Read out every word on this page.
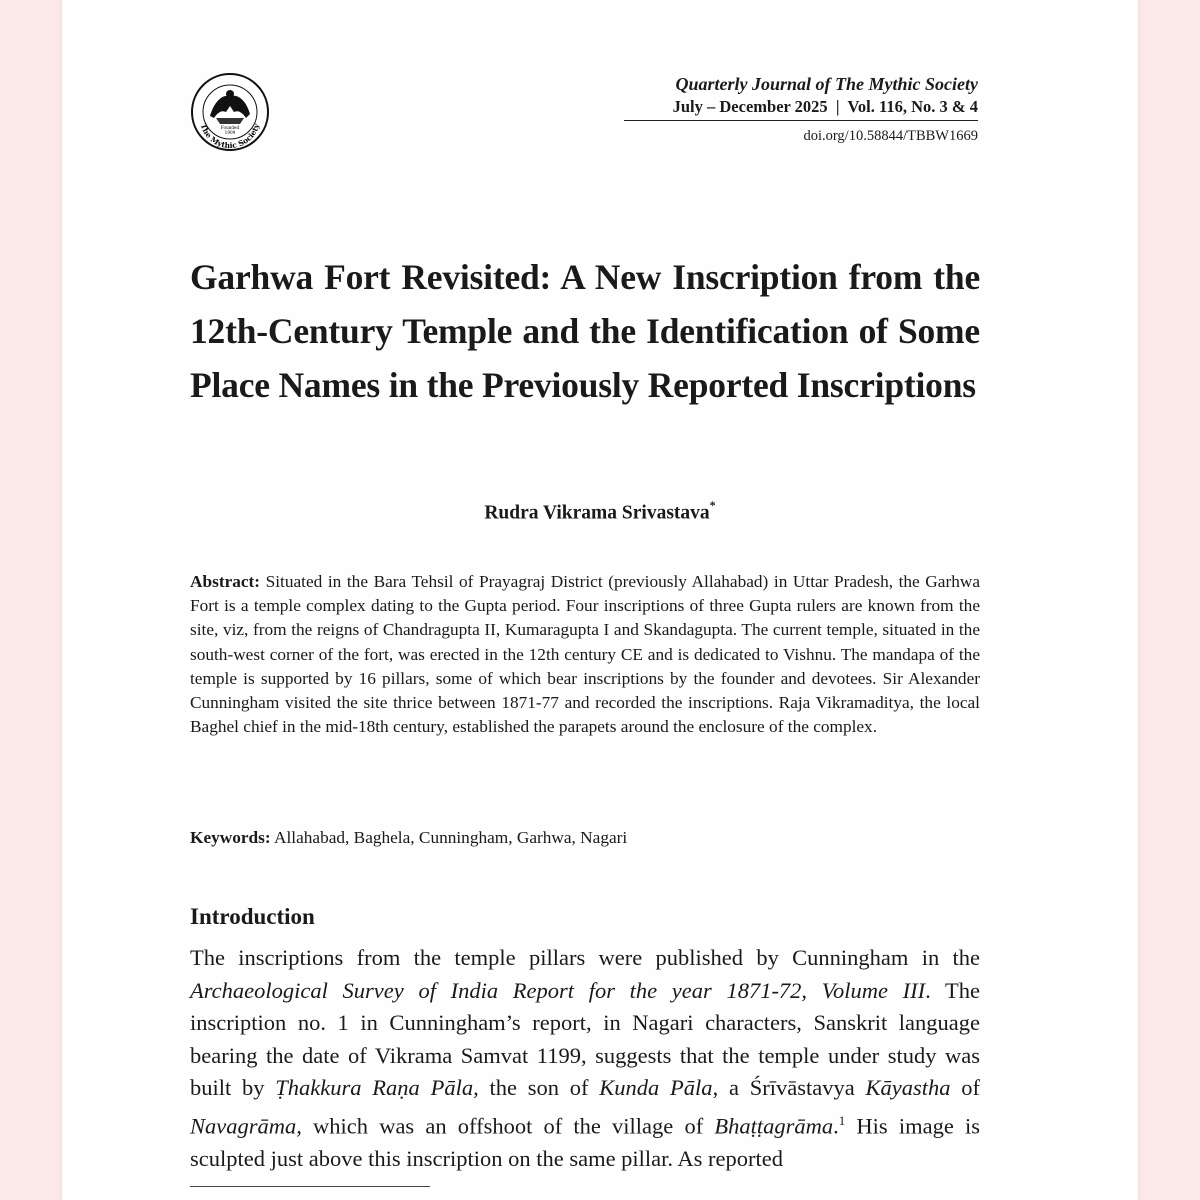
Founded
1909
The Mythic Society
Quarterly Journal of The Mythic Society
July – December 2025  |  Vol. 116, No. 3 & 4
doi.org/10.58844/TBBW1669
Garhwa Fort Revisited: A New Inscription from the 12th-Century Temple and the Identification of Some Place Names in the Previously Reported Inscriptions
Rudra Vikrama Srivastava*
Abstract: Situated in the Bara Tehsil of Prayagraj District (previously Allahabad) in Uttar Pradesh, the Garhwa Fort is a temple complex dating to the Gupta period. Four inscriptions of three Gupta rulers are known from the site, viz, from the reigns of Chandragupta II, Kumaragupta I and Skandagupta. The current temple, situated in the south-west corner of the fort, was erected in the 12th century CE and is dedicated to Vishnu. The mandapa of the temple is supported by 16 pillars, some of which bear inscriptions by the founder and devotees. Sir Alexander Cunningham visited the site thrice between 1871-77 and recorded the inscriptions. Raja Vikramaditya, the local Baghel chief in the mid-18th century, established the parapets around the enclosure of the complex.
Keywords: Allahabad, Baghela, Cunningham, Garhwa, Nagari
Introduction
The inscriptions from the temple pillars were published by Cunningham in the Archaeological Survey of India Report for the year 1871-72, Volume III. The inscription no. 1 in Cunningham’s report, in Nagari characters, Sanskrit language bearing the date of Vikrama Samvat 1199, suggests that the temple under study was built by Ṭhakkura Raṇa Pāla, the son of Kunda Pāla, a Śrīvāstavya Kāyastha of Navagrāma, which was an offshoot of the village of Bhaṭṭagrāma.$^1$ His image is sculpted just above this inscription on the same pillar. As reported
